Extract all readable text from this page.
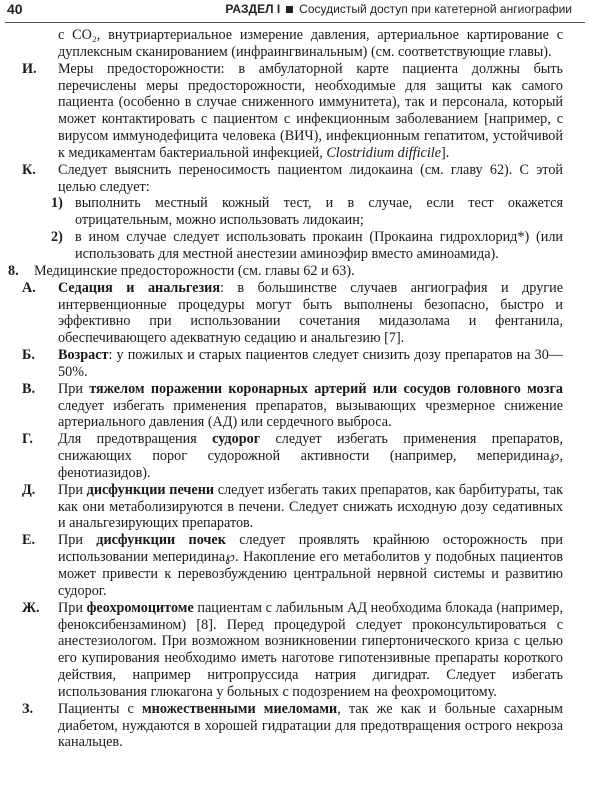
40	РАЗДЕЛ I Сосудистый доступ при катетерной ангиографии
с CO₂, внутриартериальное измерение давления, артериальное картирование с дуплексным сканированием (инфраингвинальным) (см. соответствующие главы).
И. Меры предосторожности: в амбулаторной карте пациента должны быть перечислены меры предосторожности, необходимые для защиты как самого пациента (особенно в случае сниженного иммунитета), так и персонала, который может контактировать с пациентом с инфекционным заболеванием [например, с вирусом иммунодефицита человека (ВИЧ), инфекционным гепатитом, устойчивой к медикаментам бактериальной инфекцией, Clostridium difficile].
К. Следует выяснить переносимость пациентом лидокаина (см. главу 62). С этой целью следует:
1) выполнить местный кожный тест, и в случае, если тест окажется отрицательным, можно использовать лидокаин;
2) в ином случае следует использовать прокаин (Прокаина гидрохлорид*) (или использовать для местной анестезии аминоэфир вместо аминоамида).
8. Медицинские предосторожности (см. главы 62 и 63).
А. Седация и анальгезия: в большинстве случаев ангиография и другие интервенционные процедуры могут быть выполнены безопасно, быстро и эффективно при использовании сочетания мидазолама и фентанила, обеспечивающего адекватную седацию и анальгезию [7].
Б. Возраст: у пожилых и старых пациентов следует снизить дозу препаратов на 30—50%.
В. При тяжелом поражении коронарных артерий или сосудов головного мозга следует избегать применения препаратов, вызывающих чрезмерное снижение артериального давления (АД) или сердечного выброса.
Г. Для предотвращения судорог следует избегать применения препаратов, снижающих порог судорожной активности (например, меперидина℘, фенотиазидов).
Д. При дисфункции печени следует избегать таких препаратов, как барбитураты, так как они метаболизируются в печени. Следует снижать исходную дозу седативных и анальгезирующих препаратов.
Е. При дисфункции почек следует проявлять крайнюю осторожность при использовании меперидина℘. Накопление его метаболитов у подобных пациентов может привести к перевозбуждению центральной нервной системы и развитию судорог.
Ж. При феохромоцитоме пациентам с лабильным АД необходима блокада (например, феноксибензамином) [8]. Перед процедурой следует проконсультироваться с анестезиологом. При возможном возникновении гипертонического криза с целью его купирования необходимо иметь наготове гипотензивные препараты короткого действия, например нитропруссида натрия дигидрат. Следует избегать использования глюкагона у больных с подозрением на феохромоцитому.
З. Пациенты с множественными миеломами, так же как и больные сахарным диабетом, нуждаются в хорошей гидратации для предотвращения острого некроза канальцев.
